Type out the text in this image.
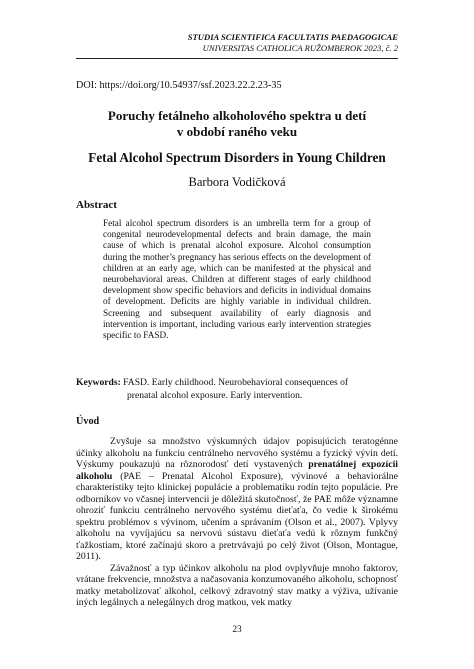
STUDIA SCIENTIFICA FACULTATIS PAEDAGOGICAE
UNIVERSITAS CATHOLICA RUŽOMBEROK 2023, č. 2
DOI: https://doi.org/10.54937/ssf.2023.22.2.23-35
Poruchy fetálneho alkoholového spektra u detí
v období raného veku
Fetal Alcohol Spectrum Disorders in Young Children
Barbora Vodičková
Abstract
Fetal alcohol spectrum disorders is an umbrella term for a group of congenital neurodevelopmental defects and brain damage, the main cause of which is prenatal alcohol exposure. Alcohol consumption during the mother’s pregnancy has serious effects on the development of children at an early age, which can be manifested at the physical and neurobehavioral areas. Children at different stages of early childhood development show specific behaviors and deficits in individual domains of development. Deficits are highly variable in individual children. Screening and subsequent availability of early diagnosis and intervention is important, including various early intervention strategies specific to FASD.
Keywords: FASD. Early childhood. Neurobehavioral consequences of
prenatal alcohol exposure. Early intervention.
Úvod

Zvyšuje sa množstvo výskumných údajov popisujúcich teratogénne účinky alkoholu na funkciu centrálneho nervového systému a fyzický vývin detí. Výskumy poukazujú na rôznorodosť detí vystavených prenatálnej expozícii alkoholu (PAE – Prenatal Alcohol Exposure), vývinové a behaviorálne charakteristiky tejto klinickej populácie a problematiku rodín tejto populácie. Pre odborníkov vo včasnej intervencii je dôležitá skutočnosť, že PAE môže významne ohroziť funkciu centrálneho nervového systému dieťaťa, čo vedie k širokému spektru problémov s vývinom, učením a správaním (Olson et al., 2007). Vplyvy alkoholu na vyvíjajúcu sa nervovú sústavu dieťaťa vedú k rôznym funkčný ťažkostiam, ktoré začínajú skoro a pretrvávajú po celý život (Olson, Montague, 2011).

Závažnosť a typ účinkov alkoholu na plod ovplyvňuje mnoho faktorov, vrátane frekvencie, množstva a načasovania konzumovaného alkoholu, schopnosť matky metabolizovať alkohol, celkový zdravotný stav matky a výživa, užívanie iných legálnych a nelegálnych drog matkou, vek matky

23
